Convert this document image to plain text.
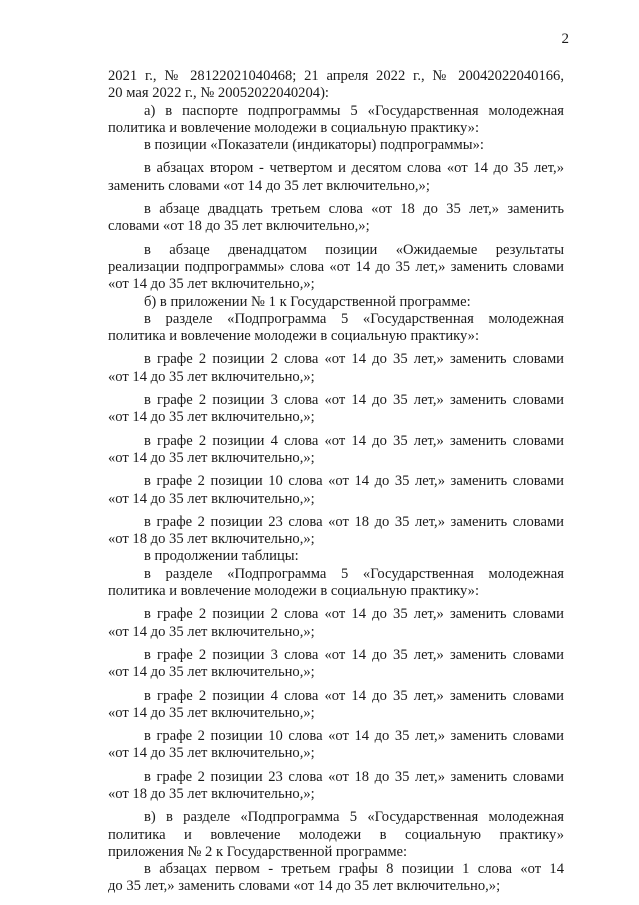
2
2021 г., № 28122021040468; 21 апреля 2022 г., № 20042022040166,
20 мая 2022 г., № 20052022040204):
а) в паспорте подпрограммы 5 «Государственная молодежная
политика и вовлечение молодежи в социальную практику»:
в позиции «Показатели (индикаторы) подпрограммы»:
в абзацах втором - четвертом и десятом слова «от 14 до 35 лет,»
заменить словами «от 14 до 35 лет включительно,»;
в абзаце двадцать третьем слова «от 18 до 35 лет,» заменить
словами «от 18 до 35 лет включительно,»;
в абзаце двенадцатом позиции «Ожидаемые результаты
реализации подпрограммы» слова «от 14 до 35 лет,» заменить словами
«от 14 до 35 лет включительно,»;
б) в приложении № 1 к Государственной программе:
в разделе «Подпрограмма 5 «Государственная молодежная
политика и вовлечение молодежи в социальную практику»:
в графе 2 позиции 2 слова «от 14 до 35 лет,» заменить словами
«от 14 до 35 лет включительно,»;
в графе 2 позиции 3 слова «от 14 до 35 лет,» заменить словами
«от 14 до 35 лет включительно,»;
в графе 2 позиции 4 слова «от 14 до 35 лет,» заменить словами
«от 14 до 35 лет включительно,»;
в графе 2 позиции 10 слова «от 14 до 35 лет,» заменить словами
«от 14 до 35 лет включительно,»;
в графе 2 позиции 23 слова «от 18 до 35 лет,» заменить словами
«от 18 до 35 лет включительно,»;
в продолжении таблицы:
в разделе «Подпрограмма 5 «Государственная молодежная
политика и вовлечение молодежи в социальную практику»:
в графе 2 позиции 2 слова «от 14 до 35 лет,» заменить словами
«от 14 до 35 лет включительно,»;
в графе 2 позиции 3 слова «от 14 до 35 лет,» заменить словами
«от 14 до 35 лет включительно,»;
в графе 2 позиции 4 слова «от 14 до 35 лет,» заменить словами
«от 14 до 35 лет включительно,»;
в графе 2 позиции 10 слова «от 14 до 35 лет,» заменить словами
«от 14 до 35 лет включительно,»;
в графе 2 позиции 23 слова «от 18 до 35 лет,» заменить словами
«от 18 до 35 лет включительно,»;
в) в разделе «Подпрограмма 5 «Государственная молодежная
политика и вовлечение молодежи в социальную практику»
приложения № 2 к Государственной программе:
в абзацах первом - третьем графы 8 позиции 1 слова «от 14
до 35 лет,» заменить словами «от 14 до 35 лет включительно,»;
